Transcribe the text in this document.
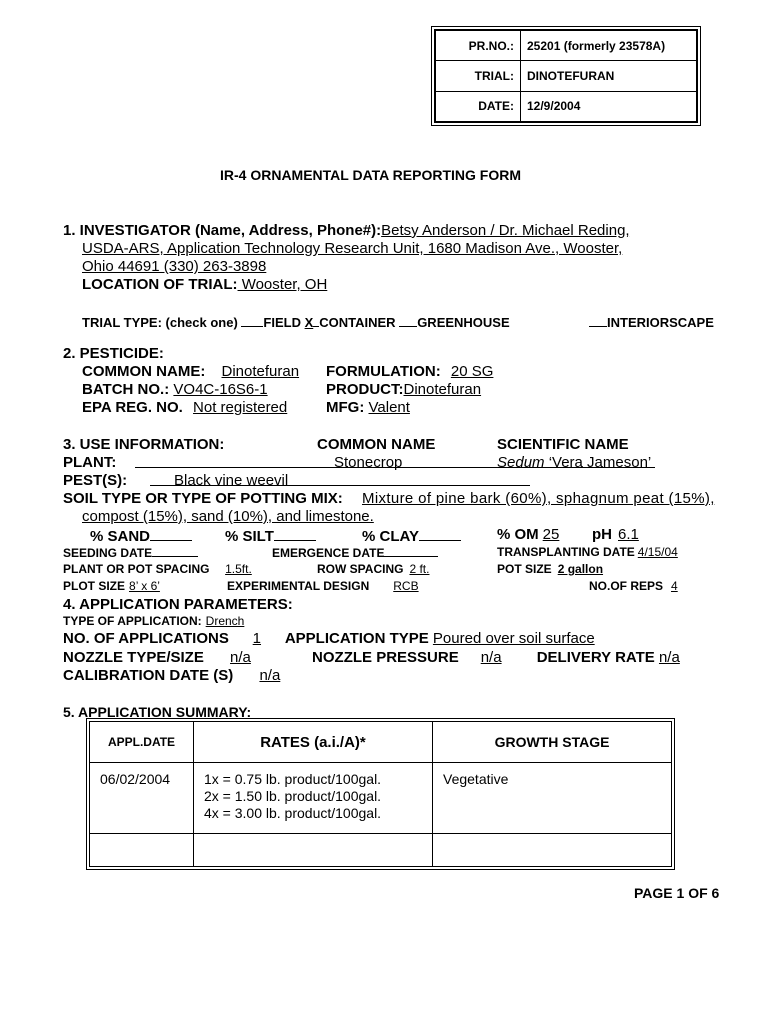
PR.NO.:	25201 (formerly 23578A)
TRIAL:	DINOTEFURAN
DATE:	12/9/2004
IR-4 ORNAMENTAL DATA REPORTING FORM
1. INVESTIGATOR (Name, Address, Phone#):Betsy Anderson / Dr. Michael Reding,
USDA-ARS, Application Technology Research Unit, 1680 Madison Ave., Wooster,
Ohio 44691 (330) 263-3898
LOCATION OF TRIAL: Wooster, OH
TRIAL TYPE: (check one) FIELD X CONTAINER GREENHOUSE	INTERIORSCAPE
2. PESTICIDE:
COMMON NAME: Dinotefuran FORMULATION: 20 SG
BATCH NO.: VO4C-16S6-1	PRODUCT:Dinotefuran
EPA REG. NO. Not registered	MFG: Valent
3. USE INFORMATION:	COMMON NAME	SCIENTIFIC NAME
PLANT:	Stonecrop	Sedum ‘Vera Jameson’
PEST(S):	Black vine weevil
SOIL TYPE OR TYPE OF POTTING MIX: Mixture of pine bark (60%), sphagnum peat (15%),
compost (15%), sand (10%), and limestone.
% SAND	% SILT	% CLAY	% OM 25	pH 6.1
SEEDING DATE	EMERGENCE DATE	TRANSPLANTING DATE 4/15/04
PLANT OR POT SPACING 1.5ft.	ROW SPACING 2 ft.	POT SIZE 2 gallon
PLOT SIZE 8’ x 6’	EXPERIMENTAL DESIGN RCB	NO.OF REPS 4
4. APPLICATION PARAMETERS:
TYPE OF APPLICATION: Drench
NO. OF APPLICATIONS 1 APPLICATION TYPE Poured over soil surface
NOZZLE TYPE/SIZE n/a	NOZZLE PRESSURE n/a DELIVERY RATE n/a
CALIBRATION DATE (S) n/a
5. APPLICATION SUMMARY:
APPL.DATE	RATES (a.i./A)*	GROWTH STAGE
06/02/2004	1x = 0.75 lb. product/100gal.
2x = 1.50 lb. product/100gal.
4x = 3.00 lb. product/100gal.	Vegetative

PAGE 1 OF 6
